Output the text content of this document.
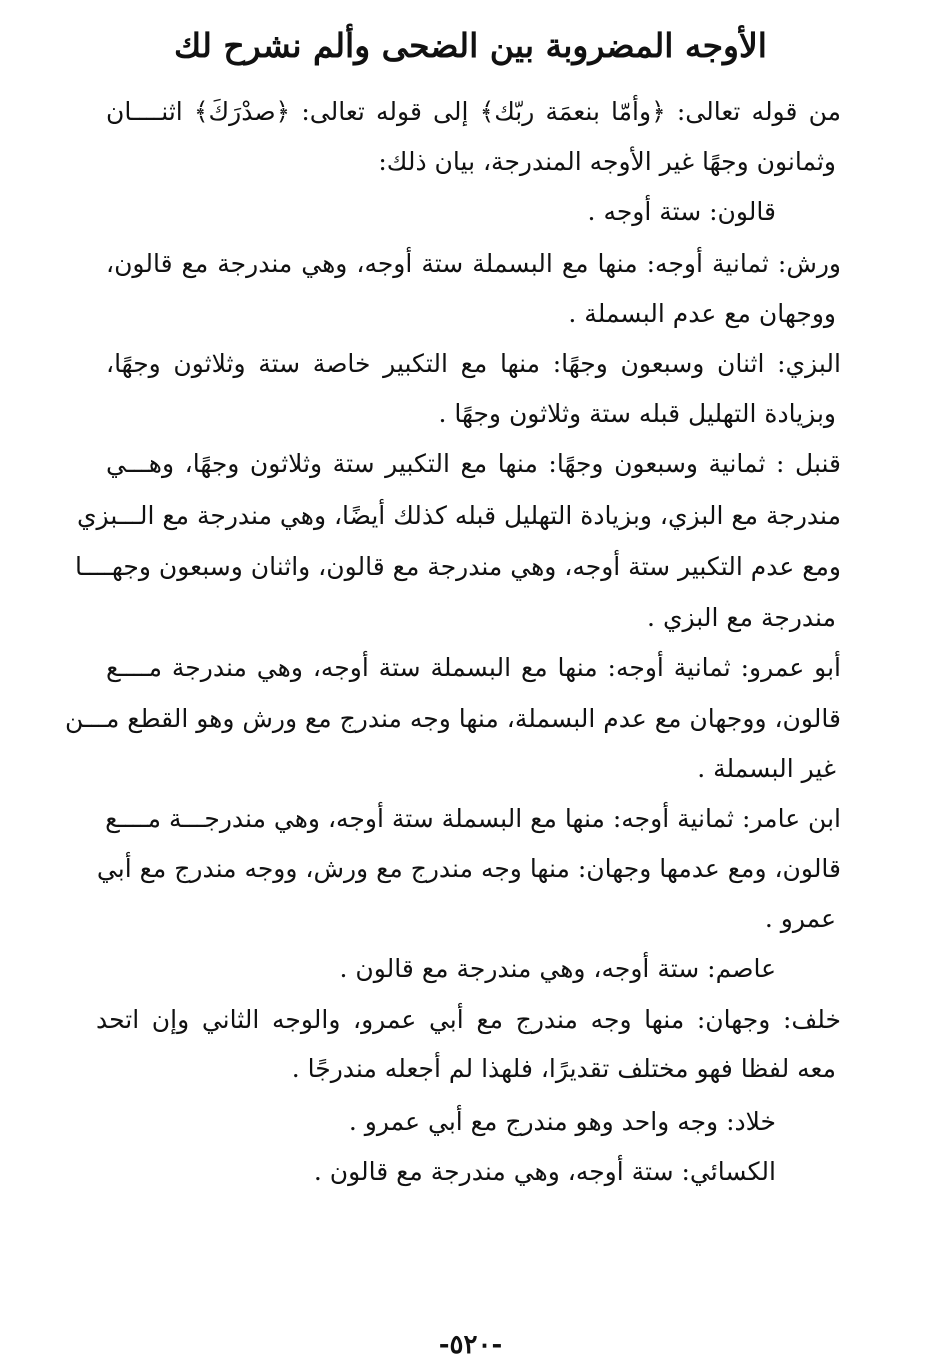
الأوجه المضروبة بين الضحى وألم نشرح لك
من قوله تعالى: ﴿وأمّا بنعمَة ربّك﴾ إلى قوله تعالى: ﴿صدْرَكَ﴾ اثنــــان
وثمانون وجهًا غير الأوجه المندرجة، بيان ذلك:
قالون: ستة أوجه .
ورش: ثمانية أوجه: منها مع البسملة ستة أوجه، وهي مندرجة مع قالون،
ووجهان مع عدم البسملة .
البزي: اثنان وسبعون وجهًا: منها مع التكبير خاصة ستة وثلاثون وجهًا،
وبزيادة التهليل قبله ستة وثلاثون وجهًا .
قنبل : ثمانية وسبعون وجهًا: منها مع التكبير ستة وثلاثون وجهًا، وهـــي
مندرجة مع البزي، وبزيادة التهليل قبله كذلك أيضًا، وهي مندرجة مع الـــبزي
ومع عدم التكبير ستة أوجه، وهي مندرجة مع قالون، واثنان وسبعون وجهــــا
مندرجة مع البزي .
أبو عمرو: ثمانية أوجه: منها مع البسملة ستة أوجه، وهي مندرجة مــــع
قالون، ووجهان مع عدم البسملة، منها وجه مندرج مع ورش وهو القطع مـــن
غير البسملة .
ابن عامر: ثمانية أوجه: منها مع البسملة ستة أوجه، وهي مندرجـــة مــــع
قالون، ومع عدمها وجهان: منها وجه مندرج مع ورش، ووجه مندرج مع أبي
عمرو .
عاصم: ستة أوجه، وهي مندرجة مع قالون .
خلف: وجهان: منها وجه مندرج مع أبي عمرو، والوجه الثاني وإن اتحد
معه لفظا فهو مختلف تقديرًا، فلهذا لم أجعله مندرجًا .
خلاد: وجه واحد وهو مندرج مع أبي عمرو .
الكسائي: ستة أوجه، وهي مندرجة مع قالون .
-٥٢٠-
